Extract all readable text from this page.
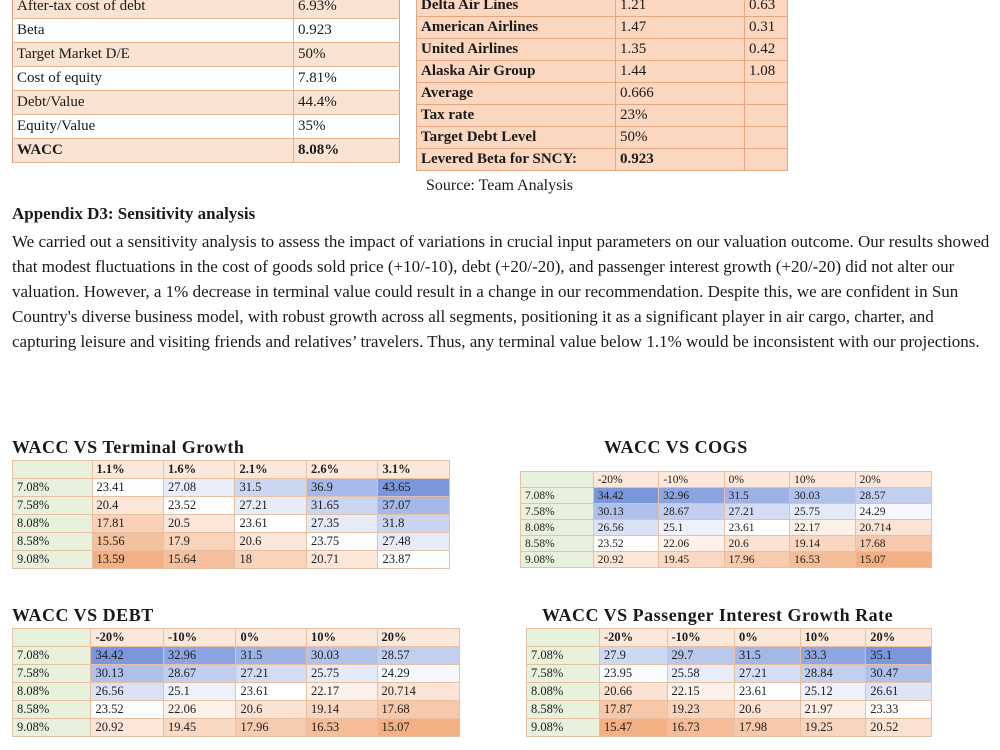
After-tax cost of debt	6.93%
Beta	0.923
Target Market D/E	50%
Cost of equity	7.81%
Debt/Value	44.4%
Equity/Value	35%
WACC	8.08%
Delta Air Lines	1.21	0.63
American Airlines	1.47	0.31
United Airlines	1.35	0.42
Alaska Air Group	1.44	1.08
Average	0.666	
Tax rate	23%	
Target Debt Level	50%	
Levered Beta for SNCY:	0.923	
Source: Team Analysis
Appendix D3: Sensitivity analysis
We carried out a sensitivity analysis to assess the impact of variations in crucial input parameters on our valuation outcome. Our results showed that modest fluctuations in the cost of goods sold price (+10/-10), debt (+20/-20), and passenger interest growth (+20/-20) did not alter our valuation. However, a 1% decrease in terminal value could result in a change in our recommendation. Despite this, we are confident in Sun Country's diverse business model, with robust growth across all segments, positioning it as a significant player in air cargo, charter, and capturing leisure and visiting friends and relatives’ travelers. Thus, any terminal value below 1.1% would be inconsistent with our projections.
WACC VS Terminal Growth
	1.1%	1.6%	2.1%	2.6%	3.1%
7.08%	23.41	27.08	31.5	36.9	43.65
7.58%	20.4	23.52	27.21	31.65	37.07
8.08%	17.81	20.5	23.61	27.35	31.8
8.58%	15.56	17.9	20.6	23.75	27.48
9.08%	13.59	15.64	18	20.71	23.87
WACC VS COGS
	-20%	-10%	0%	10%	20%
7.08%	34.42	32.96	31.5	30.03	28.57
7.58%	30.13	28.67	27.21	25.75	24.29
8.08%	26.56	25.1	23.61	22.17	20.714
8.58%	23.52	22.06	20.6	19.14	17.68
9.08%	20.92	19.45	17.96	16.53	15.07
WACC VS DEBT
	-20%	-10%	0%	10%	20%
7.08%	34.42	32.96	31.5	30.03	28.57
7.58%	30.13	28.67	27.21	25.75	24.29
8.08%	26.56	25.1	23.61	22.17	20.714
8.58%	23.52	22.06	20.6	19.14	17.68
9.08%	20.92	19.45	17.96	16.53	15.07
WACC VS Passenger Interest Growth Rate
	-20%	-10%	0%	10%	20%
7.08%	27.9	29.7	31.5	33.3	35.1
7.58%	23.95	25.58	27.21	28.84	30.47
8.08%	20.66	22.15	23.61	25.12	26.61
8.58%	17.87	19.23	20.6	21.97	23.33
9.08%	15.47	16.73	17.98	19.25	20.52
